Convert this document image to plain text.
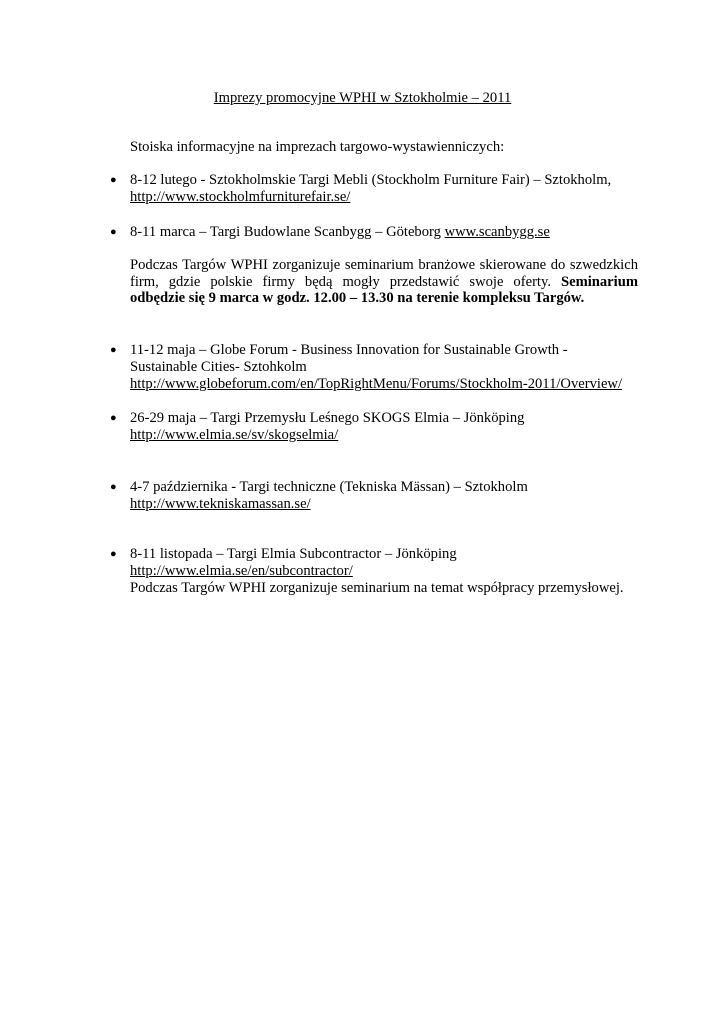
Imprezy promocyjne WPHI w Sztokholmie – 2011
Stoiska informacyjne na imprezach targowo-wystawienniczych:
● 8-12 lutego - Sztokholmskie Targi Mebli (Stockholm Furniture Fair) – Sztokholm,
http://www.stockholmfurniturefair.se/
● 8-11 marca – Targi Budowlane Scanbygg – Göteborg www.scanbygg.se
Podczas Targów WPHI zorganizuje seminarium branżowe skierowane do szwedzkich firm, gdzie polskie firmy będą mogły przedstawić swoje oferty. Seminarium odbędzie się 9 marca w godz. 12.00 – 13.30 na terenie kompleksu Targów.
● 11-12 maja – Globe Forum - Business Innovation for Sustainable Growth -
Sustainable Cities- Sztohkolm
http://www.globeforum.com/en/TopRightMenu/Forums/Stockholm-2011/Overview/
● 26-29 maja – Targi Przemysłu Leśnego SKOGS Elmia – Jönköping
http://www.elmia.se/sv/skogselmia/
● 4-7 października - Targi techniczne (Tekniska Mässan) – Sztokholm
http://www.tekniskamassan.se/
● 8-11 listopada – Targi Elmia Subcontractor – Jönköping
http://www.elmia.se/en/subcontractor/
Podczas Targów WPHI zorganizuje seminarium na temat współpracy przemysłowej.
